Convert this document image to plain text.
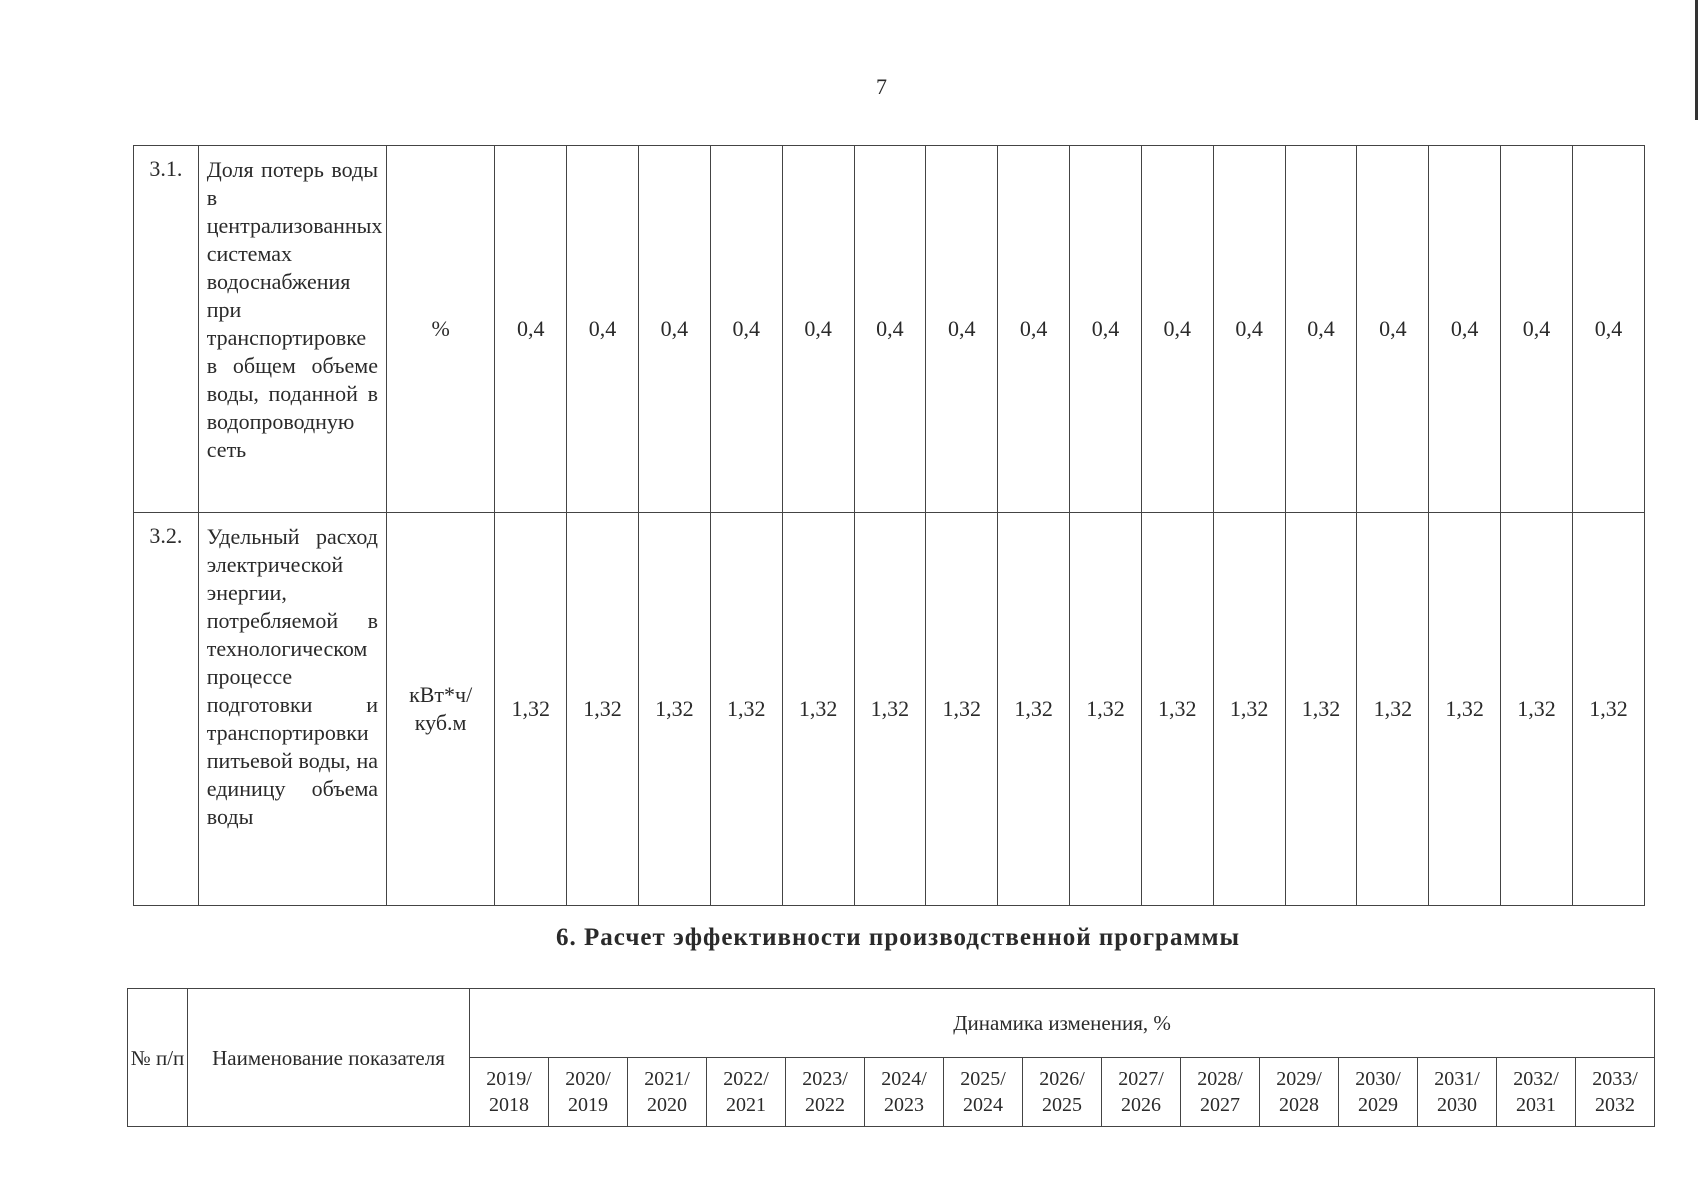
7
3.1.	Доля потерь воды в централизованных системах водоснабжения при транспортировке в общем объеме воды, поданной в водопроводную сеть	%	0,4	0,4	0,4	0,4	0,4	0,4	0,4	0,4	0,4	0,4	0,4	0,4	0,4	0,4	0,4	0,4
3.2.	Удельный расход электрической энергии, потребляемой в технологическом процессе подготовки и транспортировки питьевой воды, на единицу объема воды	кВт*ч/ куб.м	1,32	1,32	1,32	1,32	1,32	1,32	1,32	1,32	1,32	1,32	1,32	1,32	1,32	1,32	1,32	1,32
6. Расчет эффективности производственной программы
№ п/п	Наименование показателя	Динамика изменения, %														
		2019/ 2018	2020/ 2019	2021/ 2020	2022/ 2021	2023/ 2022	2024/ 2023	2025/ 2024	2026/ 2025	2027/ 2026	2028/ 2027	2029/ 2028	2030/ 2029	2031/ 2030	2032/ 2031	2033/ 2032
